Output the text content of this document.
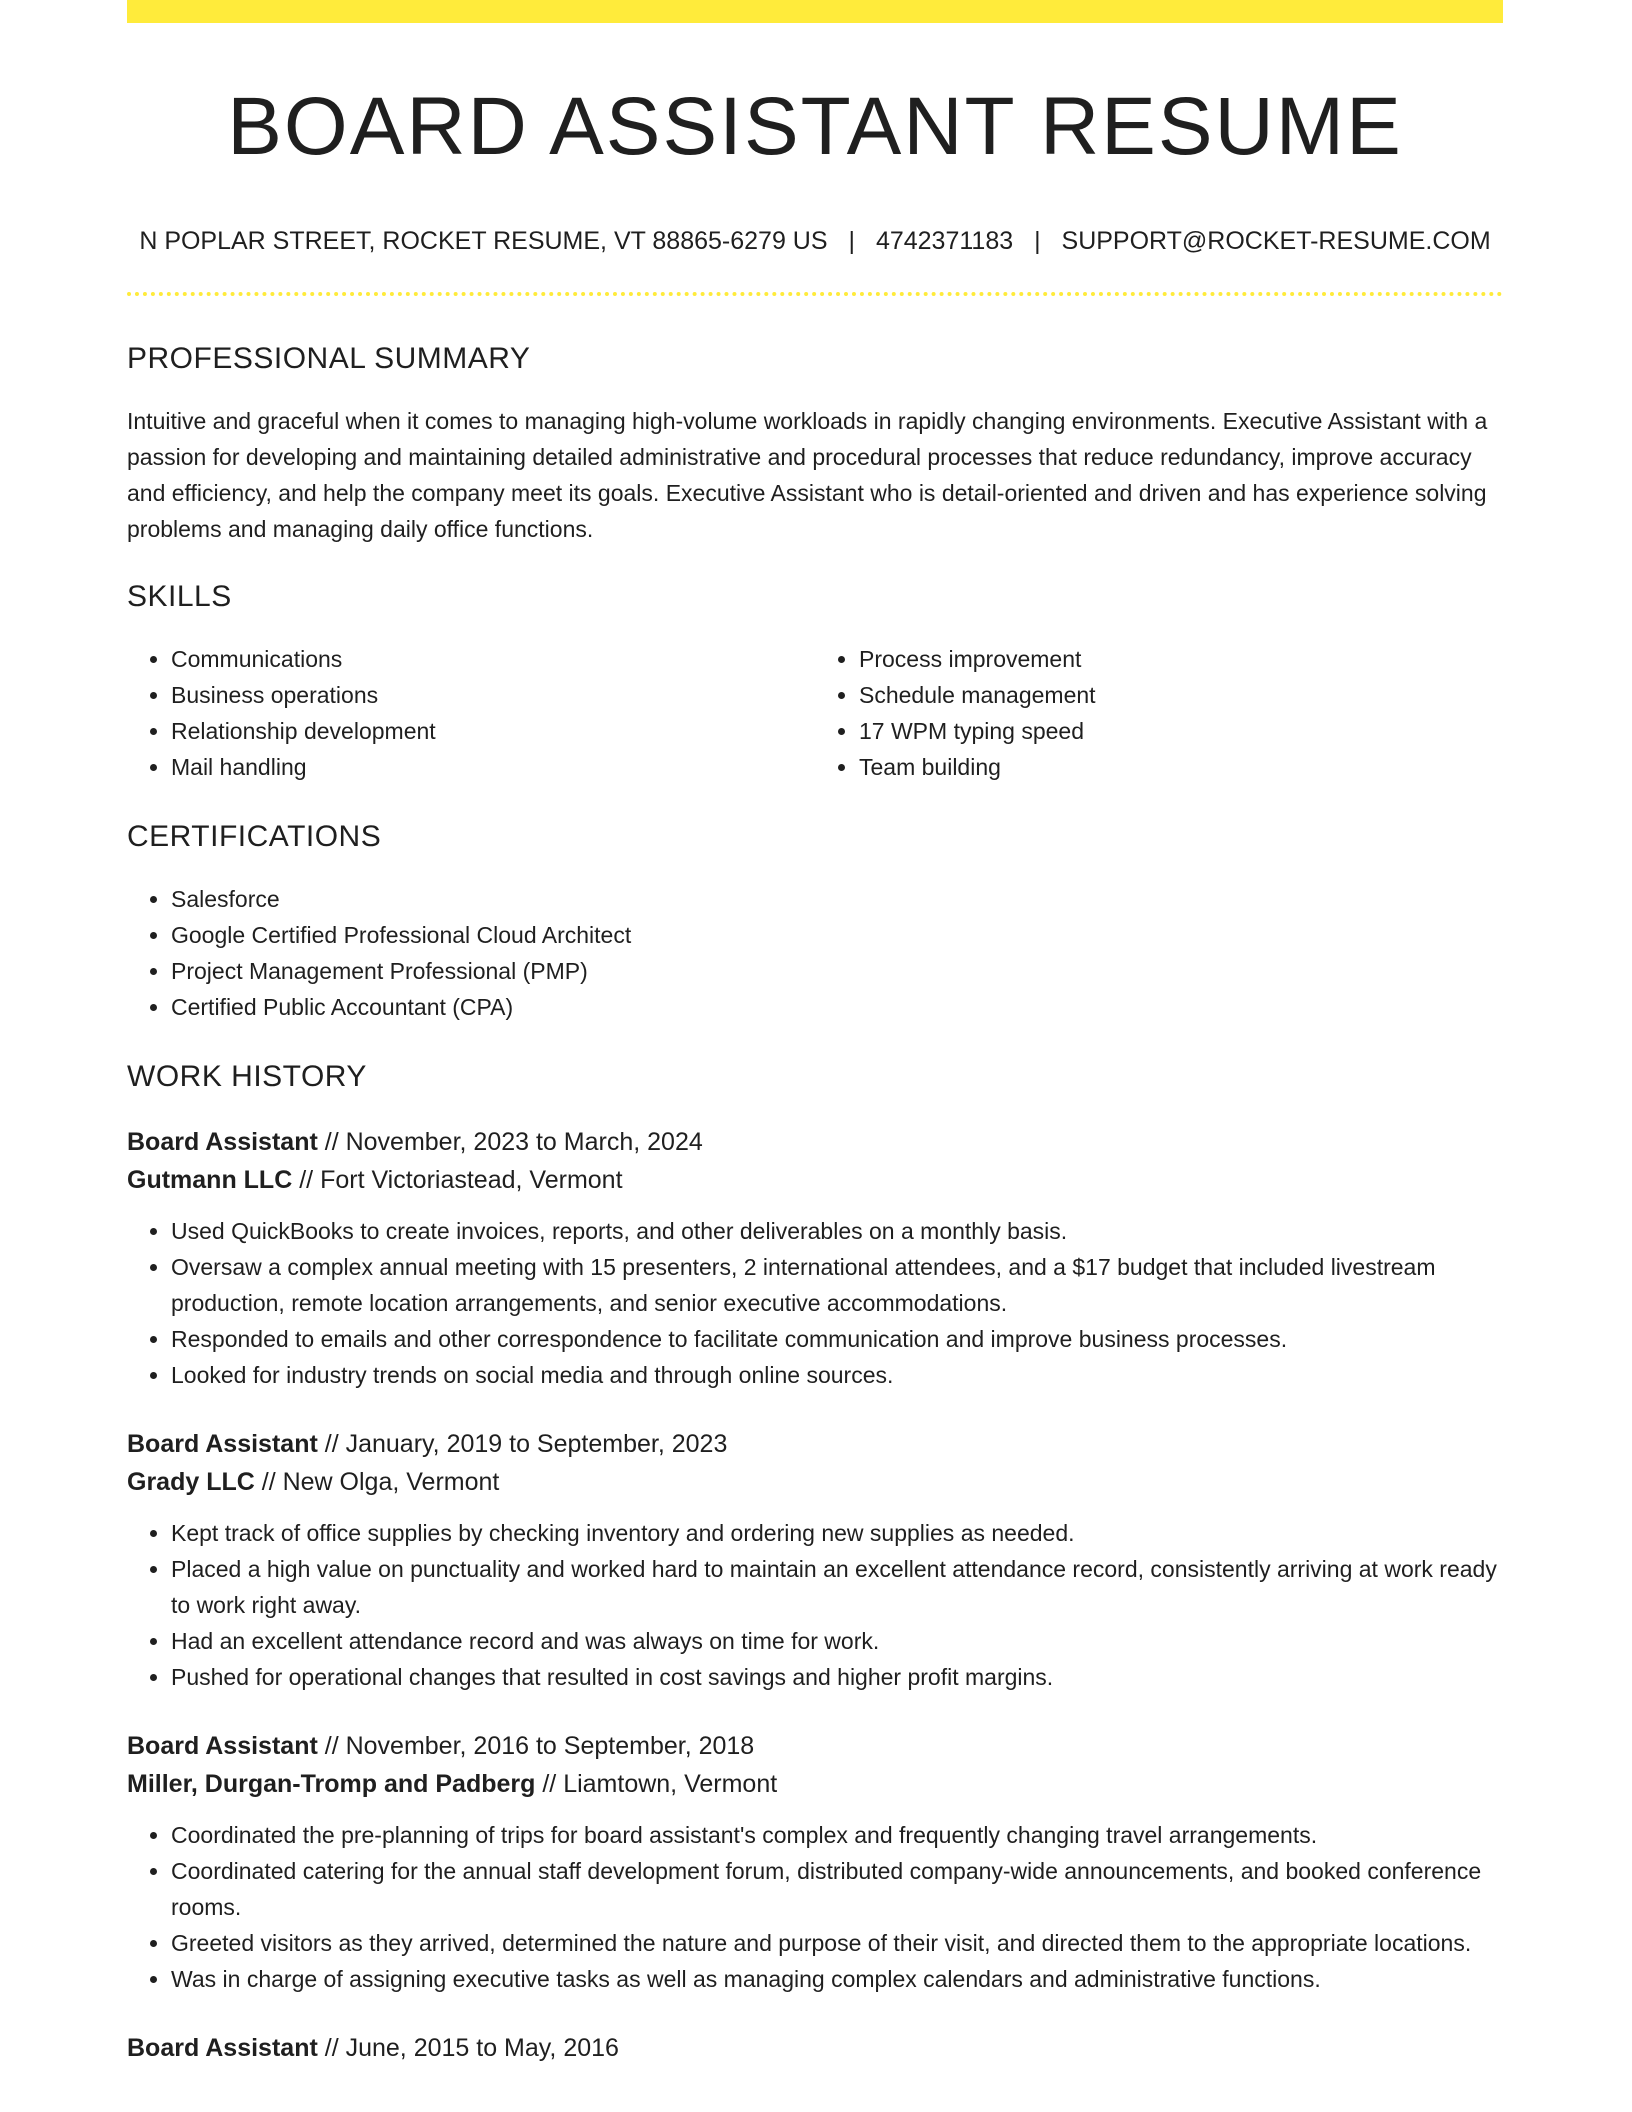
BOARD ASSISTANT RESUME
N POPLAR STREET, ROCKET RESUME, VT 88865-6279 US | 4742371183 | SUPPORT@ROCKET-RESUME.COM
PROFESSIONAL SUMMARY

Intuitive and graceful when it comes to managing high-volume workloads in rapidly changing environments. Executive Assistant with a passion for developing and maintaining detailed administrative and procedural processes that reduce redundancy, improve accuracy and efficiency, and help the company meet its goals. Executive Assistant who is detail-oriented and driven and has experience solving problems and managing daily office functions.

SKILLS
• Communications
• Business operations
• Relationship development
• Mail handling
• Process improvement
• Schedule management
• 17 WPM typing speed
• Team building
CERTIFICATIONS
• Salesforce
• Google Certified Professional Cloud Architect
• Project Management Professional (PMP)
• Certified Public Accountant (CPA)
WORK HISTORY
Board Assistant // November, 2023 to March, 2024
Gutmann LLC // Fort Victoriastead, Vermont
• Used QuickBooks to create invoices, reports, and other deliverables on a monthly basis.
• Oversaw a complex annual meeting with 15 presenters, 2 international attendees, and a $17 budget that included livestream production, remote location arrangements, and senior executive accommodations.
• Responded to emails and other correspondence to facilitate communication and improve business processes.
• Looked for industry trends on social media and through online sources.
Board Assistant // January, 2019 to September, 2023
Grady LLC // New Olga, Vermont
• Kept track of office supplies by checking inventory and ordering new supplies as needed.
• Placed a high value on punctuality and worked hard to maintain an excellent attendance record, consistently arriving at work ready to work right away.
• Had an excellent attendance record and was always on time for work.
• Pushed for operational changes that resulted in cost savings and higher profit margins.
Board Assistant // November, 2016 to September, 2018
Miller, Durgan-Tromp and Padberg // Liamtown, Vermont
• Coordinated the pre-planning of trips for board assistant's complex and frequently changing travel arrangements.
• Coordinated catering for the annual staff development forum, distributed company-wide announcements, and booked conference rooms.
• Greeted visitors as they arrived, determined the nature and purpose of their visit, and directed them to the appropriate locations.
• Was in charge of assigning executive tasks as well as managing complex calendars and administrative functions.
Board Assistant // June, 2015 to May, 2016
